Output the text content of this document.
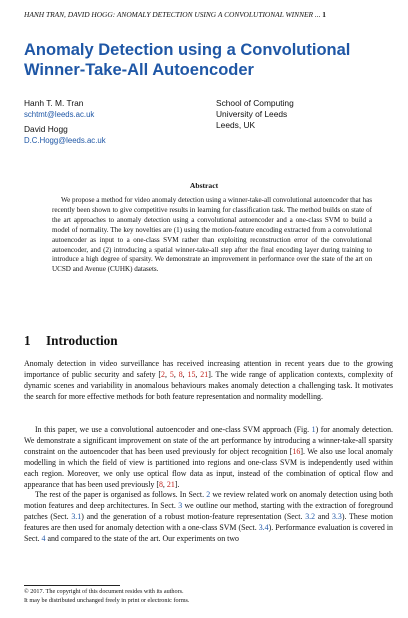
HANH TRAN, DAVID HOGG: ANOMALY DETECTION USING A CONVOLUTIONAL WINNER ... 1
Anomaly Detection using a Convolutional
Winner-Take-All Autoencoder
Hanh T. M. Tran
schtmt@leeds.ac.uk
David Hogg
D.C.Hogg@leeds.ac.uk
School of Computing
University of Leeds
Leeds, UK
Abstract

We propose a method for video anomaly detection using a winner-take-all convolutional autoencoder that has recently been shown to give competitive results in learning for classification task. The method builds on state of the art approaches to anomaly detection using a convolutional autoencoder and a one-class SVM to build a model of normality. The key novelties are (1) using the motion-feature encoding extracted from a convolutional autoencoder as input to a one-class SVM rather than exploiting reconstruction error of the convolutional autoencoder, and (2) introducing a spatial winner-take-all step after the final encoding layer during training to introduce a high degree of sparsity. We demonstrate an improvement in performance over the state of the art on UCSD and Avenue (CUHK) datasets.

1 Introduction

Anomaly detection in video surveillance has received increasing attention in recent years due to the growing importance of public security and safety [2, 5, 8, 15, 21]. The wide range of application contexts, complexity of dynamic scenes and variability in anomalous behaviours makes anomaly detection a challenging task. It motivates the search for more effective methods for both feature representation and normality modelling.

In this paper, we use a convolutional autoencoder and one-class SVM approach (Fig. 1) for anomaly detection. We demonstrate a significant improvement on state of the art performance by introducing a winner-take-all sparsity constraint on the autoencoder that has been used previously for object recognition [16]. We also use local anomaly modelling in which the field of view is partitioned into regions and one-class SVM is independently used within each region. Moreover, we only use optical flow data as input, instead of the combination of optical flow and appearance that has been used previously [8, 21].

The rest of the paper is organised as follows. In Sect. 2 we review related work on anomaly detection using both motion features and deep architectures. In Sect. 3 we outline our method, starting with the extraction of foreground patches (Sect. 3.1) and the generation of a robust motion-feature representation (Sect. 3.2 and 3.3). These motion features are then used for anomaly detection with a one-class SVM (Sect. 3.4). Performance evaluation is covered in Sect. 4 and compared to the state of the art. Our experiments on two

© 2017. The copyright of this document resides with its authors.
It may be distributed unchanged freely in print or electronic forms.
